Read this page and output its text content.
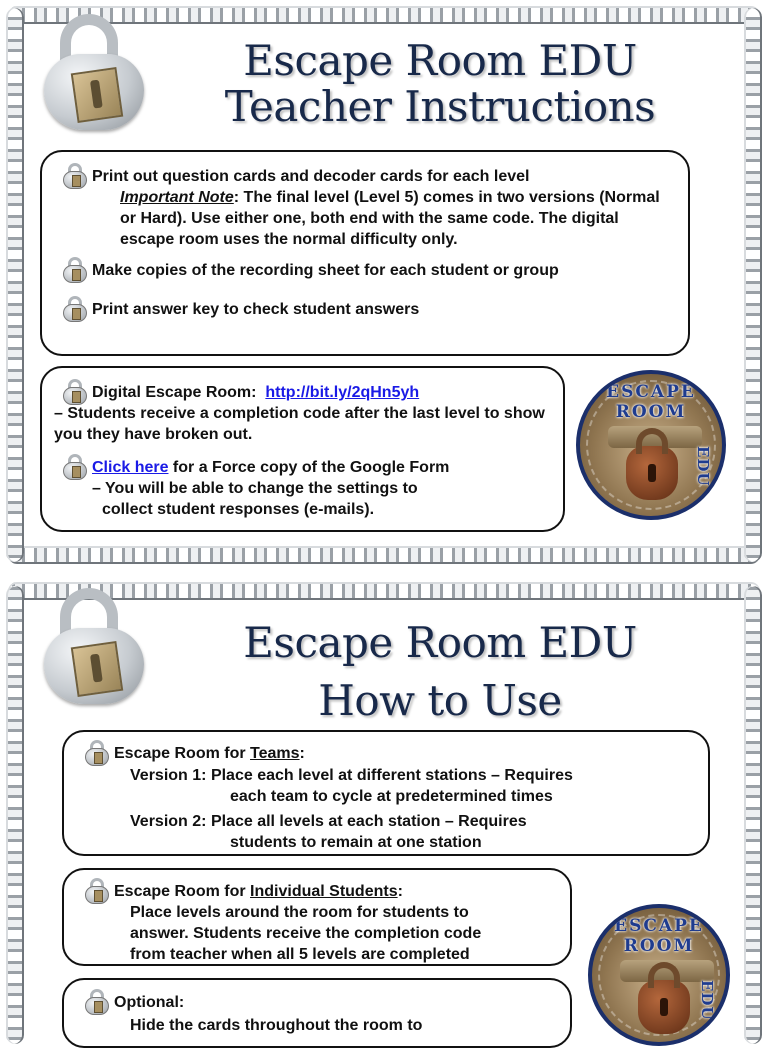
Escape Room EDU
Teacher Instructions

Print out question cards and decoder cards for each level

Important Note: The final level (Level 5) comes in two versions (Normal or Hard). Use either one, both end with the same code. The digital escape room uses the normal difficulty only.

Make copies of the recording sheet for each student or group

Print answer key to check student answers

Digital Escape Room: http://bit.ly/2qHn5yh

– Students receive a completion code after the last level to show you they have broken out.

Click here for a Force copy of the Google Form

– You will be able to change the settings to

collect student responses (e-mails).

ESCAPE ROOM
EDU
Escape Room EDU
How to Use

Escape Room for Teams:

Version 1: Place each level at different stations – Requires

each team to cycle at predetermined times

Version 2: Place all levels at each station – Requires

students to remain at one station

Escape Room for Individual Students:

Place levels around the room for students to

answer. Students receive the completion code

from teacher when all 5 levels are completed

Optional:

Hide the cards throughout the room to

ESCAPE ROOM
EDU
